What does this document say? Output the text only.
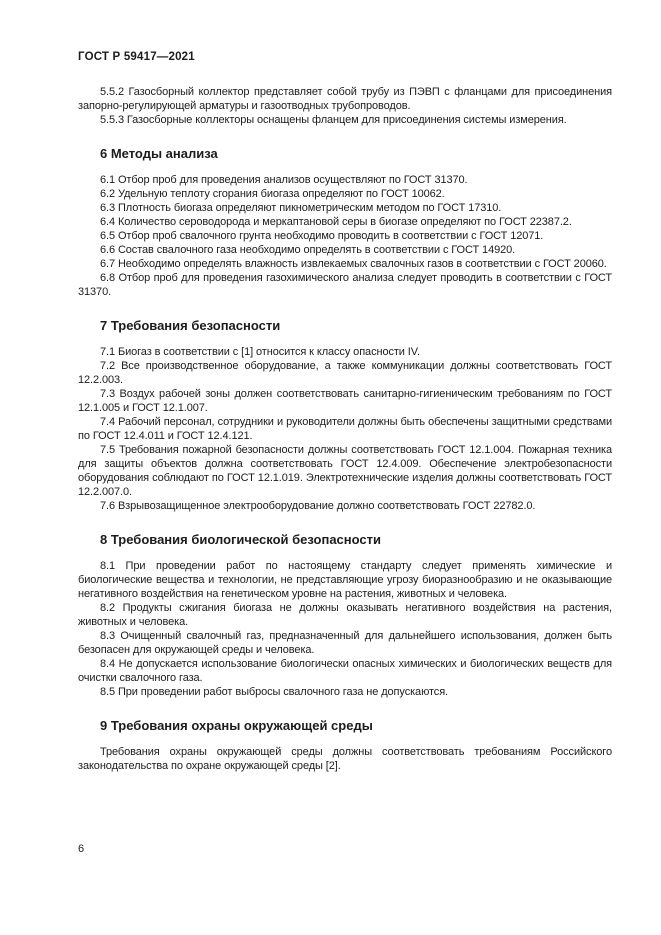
ГОСТ Р 59417—2021

5.5.2 Газосборный коллектор представляет собой трубу из ПЭВП с фланцами для присоединения запорно-регулирующей арматуры и газоотводных трубопроводов.

5.5.3 Газосборные коллекторы оснащены фланцем для присоединения системы измерения.

6 Методы анализа

6.1 Отбор проб для проведения анализов осуществляют по ГОСТ 31370.

6.2 Удельную теплоту сгорания биогаза определяют по ГОСТ 10062.

6.3 Плотность биогаза определяют пикнометрическим методом по ГОСТ 17310.

6.4 Количество сероводорода и меркаптановой серы в биогазе определяют по ГОСТ 22387.2.

6.5 Отбор проб свалочного грунта необходимо проводить в соответствии с ГОСТ 12071.

6.6 Состав свалочного газа необходимо определять в соответствии с ГОСТ 14920.

6.7 Необходимо определять влажность извлекаемых свалочных газов в соответствии с ГОСТ 20060.

6.8 Отбор проб для проведения газохимического анализа следует проводить в соответствии с ГОСТ 31370.

7 Требования безопасности

7.1 Биогаз в соответствии с [1] относится к классу опасности IV.

7.2 Все производственное оборудование, а также коммуникации должны соответствовать ГОСТ 12.2.003.

7.3 Воздух рабочей зоны должен соответствовать санитарно-гигиеническим требованиям по ГОСТ 12.1.005 и ГОСТ 12.1.007.

7.4 Рабочий персонал, сотрудники и руководители должны быть обеспечены защитными средствами по ГОСТ 12.4.011 и ГОСТ 12.4.121.

7.5 Требования пожарной безопасности должны соответствовать ГОСТ 12.1.004. Пожарная техника для защиты объектов должна соответствовать ГОСТ 12.4.009. Обеспечение электробезопасности оборудования соблюдают по ГОСТ 12.1.019. Электротехнические изделия должны соответствовать ГОСТ 12.2.007.0.

7.6 Взрывозащищенное электрооборудование должно соответствовать ГОСТ 22782.0.

8 Требования биологической безопасности

8.1 При проведении работ по настоящему стандарту следует применять химические и биологические вещества и технологии, не представляющие угрозу биоразнообразию и не оказывающие негативного воздействия на генетическом уровне на растения, животных и человека.

8.2 Продукты сжигания биогаза не должны оказывать негативного воздействия на растения, животных и человека.

8.3 Очищенный свалочный газ, предназначенный для дальнейшего использования, должен быть безопасен для окружающей среды и человека.

8.4 Не допускается использование биологически опасных химических и биологических веществ для очистки свалочного газа.

8.5 При проведении работ выбросы свалочного газа не допускаются.

9 Требования охраны окружающей среды

Требования охраны окружающей среды должны соответствовать требованиям Российского законодательства по охране окружающей среды [2].

6
